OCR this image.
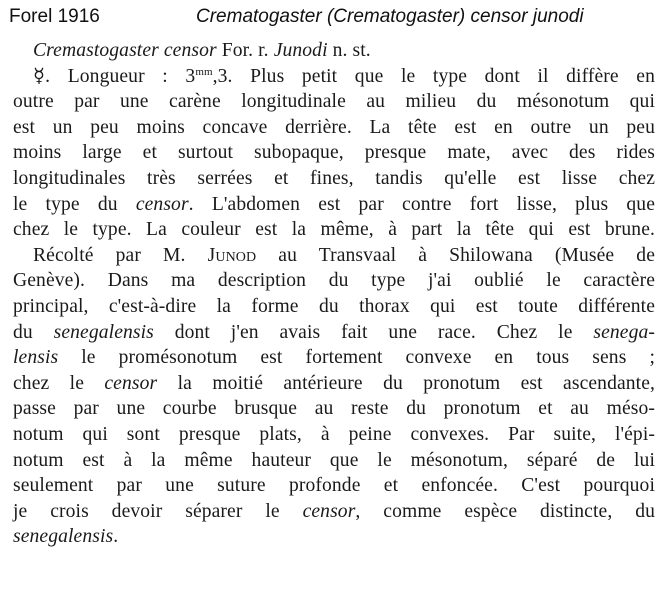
Forel 1916	Crematogaster (Crematogaster) censor junodi
Cremastogaster censor For. r. Junodi n. st.
☿. Longueur : $3^{mm},3$. Plus petit que le type dont il diffère en
outre par une carène longitudinale au milieu du mésonotum qui
est un peu moins concave derrière. La tête est en outre un peu
moins large et surtout subopaque, presque mate, avec des rides
longitudinales très serrées et fines, tandis qu'elle est lisse chez
le type du censor. L'abdomen est par contre fort lisse, plus que
chez le type. La couleur est la même, à part la tête qui est brune.
Récolté par M. Junod au Transvaal à Shilowana (Musée de
Genève). Dans ma description du type j'ai oublié le caractère
principal, c'est-à-dire la forme du thorax qui est toute différente
du senegalensis dont j'en avais fait une race. Chez le senega-
lensis le promésonotum est fortement convexe en tous sens ;
chez le censor la moitié antérieure du pronotum est ascendante,
passe par une courbe brusque au reste du pronotum et au méso-
notum qui sont presque plats, à peine convexes. Par suite, l'épi-
notum est à la même hauteur que le mésonotum, séparé de lui
seulement par une suture profonde et enfoncée. C'est pourquoi
je crois devoir séparer le censor, comme espèce distincte, du
senegalensis.
